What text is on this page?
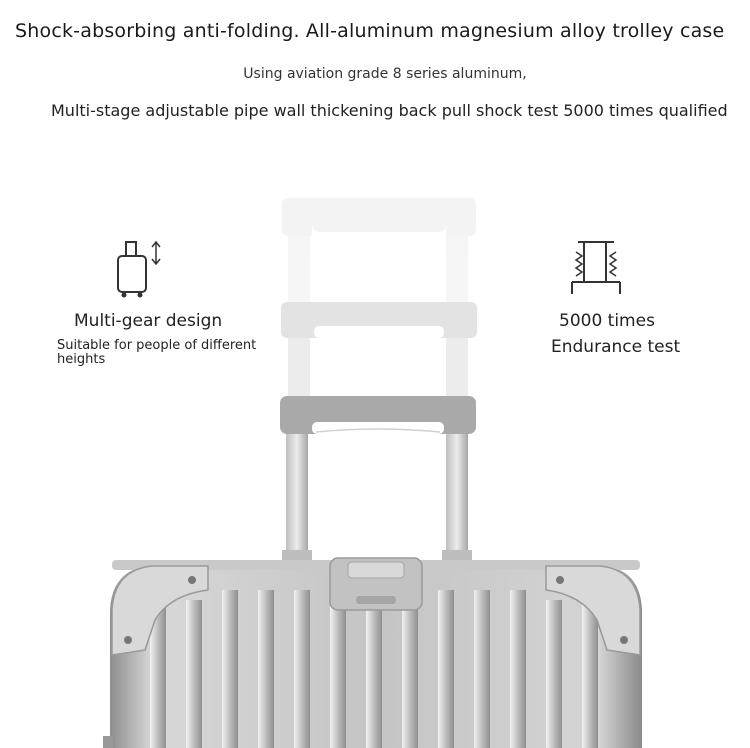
Shock-absorbing anti-folding. All-aluminum magnesium alloy trolley case
Using aviation grade 8 series aluminum,
Multi-stage adjustable pipe wall thickening back pull shock test 5000 times qualified
Multi-gear design
Suitable for people of different heights
5000 times
Endurance test
